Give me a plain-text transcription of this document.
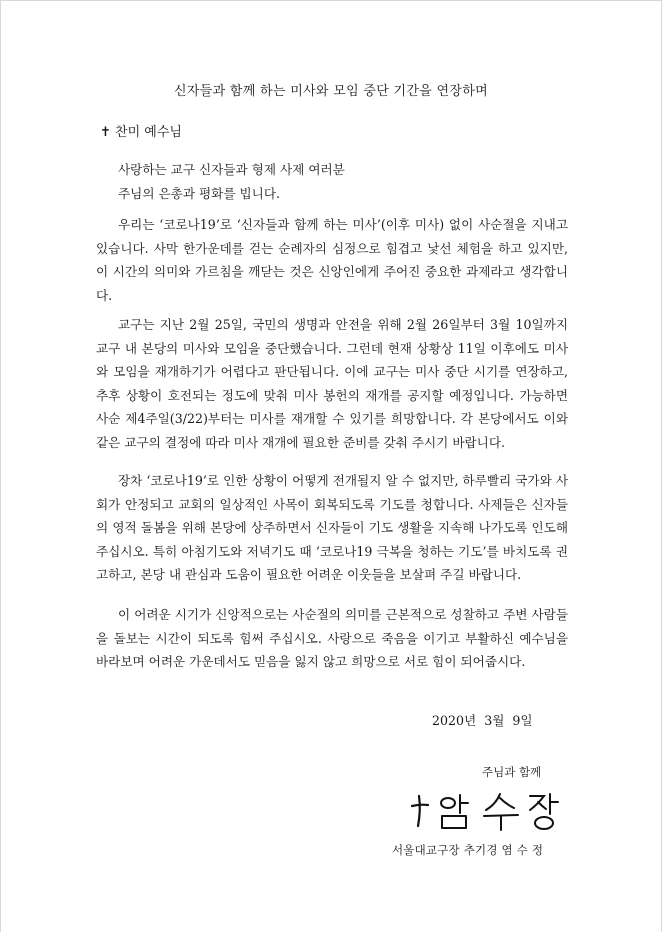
신자들과 함께 하는 미사와 모임 중단 기간을 연장하며
✝ 찬미 예수님

사랑하는 교구 신자들과 형제 사제 여러분

주님의 은총과 평화를 빕니다.

우리는 ‘코로나19’로 ‘신자들과 함께 하는 미사’(이후 미사) 없이 사순절을 지내고 있습니다. 사막 한가운데를 걷는 순례자의 심정으로 힘겹고 낯선 체험을 하고 있지만, 이 시간의 의미와 가르침을 깨닫는 것은 신앙인에게 주어진 중요한 과제라고 생각합니다.

교구는 지난 2월 25일, 국민의 생명과 안전을 위해 2월 26일부터 3월 10일까지 교구 내 본당의 미사와 모임을 중단했습니다. 그런데 현재 상황상 11일 이후에도 미사와 모임을 재개하기가 어렵다고 판단됩니다. 이에 교구는 미사 중단 시기를 연장하고, 추후 상황이 호전되는 정도에 맞춰 미사 봉헌의 재개를 공지할 예정입니다. 가능하면 사순 제4주일(3/22)부터는 미사를 재개할 수 있기를 희망합니다. 각 본당에서도 이와 같은 교구의 결정에 따라 미사 재개에 필요한 준비를 갖춰 주시기 바랍니다.

장차 ‘코로나19’로 인한 상황이 어떻게 전개될지 알 수 없지만, 하루빨리 국가와 사회가 안정되고 교회의 일상적인 사목이 회복되도록 기도를 청합니다. 사제들은 신자들의 영적 돌봄을 위해 본당에 상주하면서 신자들이 기도 생활을 지속해 나가도록 인도해주십시오. 특히 아침기도와 저녁기도 때 ‘코로나19 극복을 청하는 기도’를 바치도록 권고하고, 본당 내 관심과 도움이 필요한 어려운 이웃들을 보살펴 주길 바랍니다.

이 어려운 시기가 신앙적으로는 사순절의 의미를 근본적으로 성찰하고 주변 사람들을 돌보는 시간이 되도록 힘써 주십시오. 사랑으로 죽음을 이기고 부활하신 예수님을 바라보며 어려운 가운데서도 믿음을 잃지 않고 희망으로 서로 힘이 되어줍시다.

2020년  3월  9일
주님과 함께
서울대교구장 추기경 염 수 정
